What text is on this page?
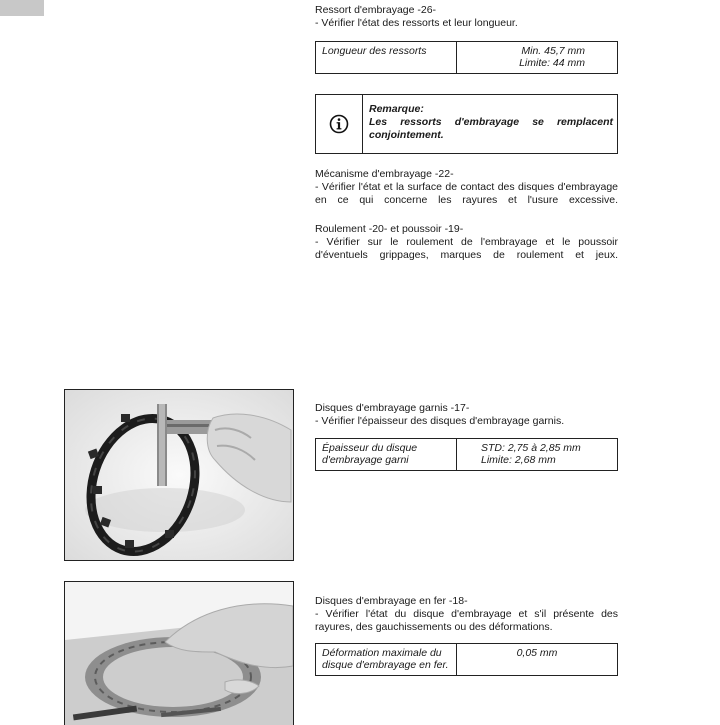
Ressort d'embrayage -26-

- Vérifier l'état des ressorts et leur longueur.

Longueur des ressorts	Min. 45,7 mm
Limite: 44 mm
Remarque:
Les ressorts d'embrayage se remplacent
conjointement.

Mécanisme d'embrayage -22-

- Vérifier l'état et la surface de contact des disques d'embrayage

en ce qui concerne les rayures et l'usure excessive.

Roulement -20- et poussoir -19-

- Vérifier sur le roulement de l'embrayage et le poussoir

d'éventuels grippages, marques de roulement et jeux.

Disques d'embrayage garnis -17-

- Vérifier l'épaisseur des disques d'embrayage garnis.

Épaisseur du disque
d'embrayage garni

STD: 2,75 à 2,85 mm
Limite: 2,68 mm

Disques d'embrayage en fer -18-

- Vérifier l'état du disque d'embrayage et s'il présente des

rayures, des gauchissements ou des déformations.

Déformation maximale du
disque d'embrayage en fer.
	0,05 mm
